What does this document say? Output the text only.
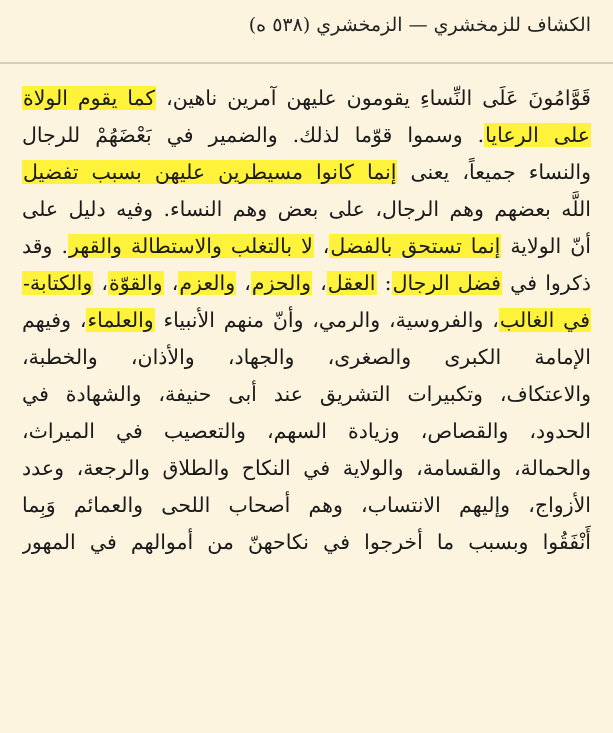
الكشاف للزمخشري — الزمخشري (٥٣٨ ه)
قَوَّامُونَ عَلَى النِّساءِ يقومون عليهن آمرين ناهين، كما يقوم الولاة
على الرعايا. وسموا قوّما لذلك. والضمير في بَعْضَهُمْ للرجال
والنساء جميعاً، يعنى إنما كانوا مسيطرين عليهن بسبب تفضيل
اللَّه بعضهم وهم الرجال، على بعض وهم النساء. وفيه دليل على
أنّ الولاية إنما تستحق بالفضل، لا بالتغلب والاستطالة والقهر. وقد
ذكروا في فضل الرجال: العقل، والحزم، والعزم، والقوّة، والكتابة-
في الغالب، والفروسية، والرمي، وأنّ منهم الأنبياء والعلماء، وفيهم
الإمامة الكبرى والصغرى، والجهاد، والأذان، والخطبة،
والاعتكاف، وتكبيرات التشريق عند أبى حنيفة، والشهادة في
الحدود، والقصاص، وزيادة السهم، والتعصيب في الميراث،
والحمالة، والقسامة، والولاية في النكاح والطلاق والرجعة، وعدد
الأزواج، وإليهم الانتساب، وهم أصحاب اللحى والعمائم وَبِما
أَنْفَقُوا وبسبب ما أخرجوا في نكاحهنّ من أموالهم في المهور
